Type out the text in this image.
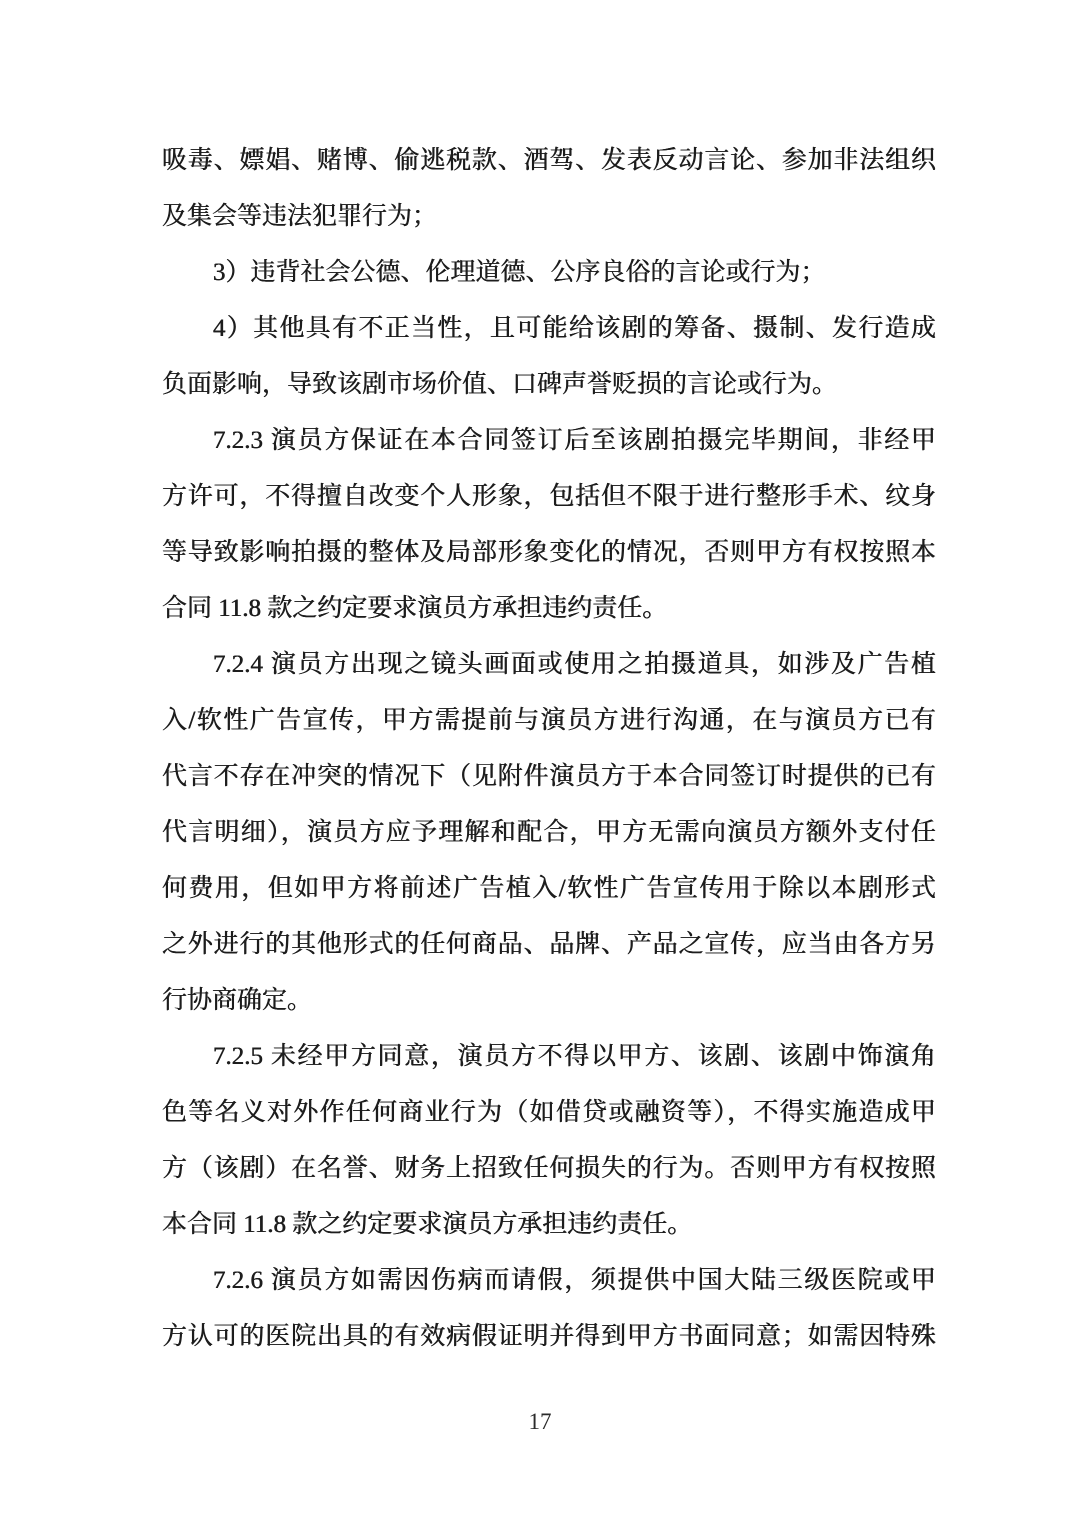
吸毒、嫖娼、赌博、偷逃税款、酒驾、发表反动言论、参加非法组织
及集会等违法犯罪行为；
3）违背社会公德、伦理道德、公序良俗的言论或行为；
4）其他具有不正当性，且可能给该剧的筹备、摄制、发行造成
负面影响，导致该剧市场价值、口碑声誉贬损的言论或行为。
7.2.3 演员方保证在本合同签订后至该剧拍摄完毕期间，非经甲
方许可，不得擅自改变个人形象，包括但不限于进行整形手术、纹身
等导致影响拍摄的整体及局部形象变化的情况，否则甲方有权按照本
合同 11.8 款之约定要求演员方承担违约责任。
7.2.4 演员方出现之镜头画面或使用之拍摄道具，如涉及广告植
入/软性广告宣传，甲方需提前与演员方进行沟通，在与演员方已有
代言不存在冲突的情况下（见附件演员方于本合同签订时提供的已有
代言明细），演员方应予理解和配合，甲方无需向演员方额外支付任
何费用，但如甲方将前述广告植入/软性广告宣传用于除以本剧形式
之外进行的其他形式的任何商品、品牌、产品之宣传，应当由各方另
行协商确定。
7.2.5 未经甲方同意，演员方不得以甲方、该剧、该剧中饰演角
色等名义对外作任何商业行为（如借贷或融资等），不得实施造成甲
方（该剧）在名誉、财务上招致任何损失的行为。否则甲方有权按照
本合同 11.8 款之约定要求演员方承担违约责任。
7.2.6 演员方如需因伤病而请假，须提供中国大陆三级医院或甲
方认可的医院出具的有效病假证明并得到甲方书面同意；如需因特殊
17
